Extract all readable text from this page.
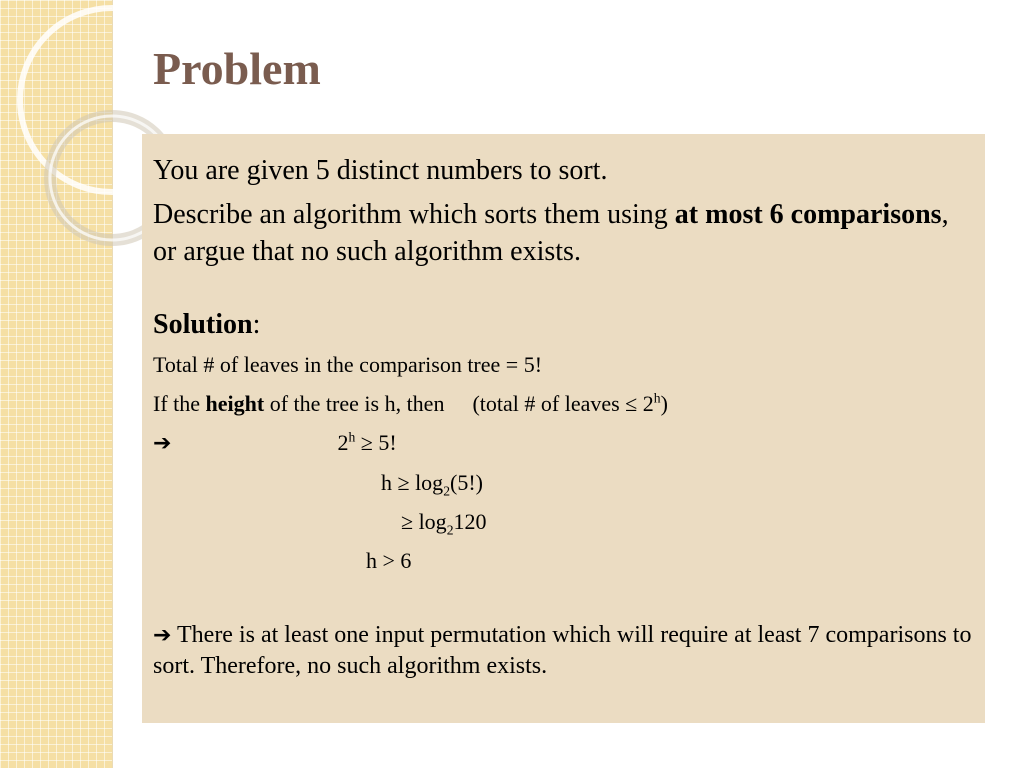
Problem
You are given 5 distinct numbers to sort.
Describe an algorithm which sorts them using at most 6 comparisons, or argue that no such algorithm exists.
Solution:
Total # of leaves in the comparison tree = 5!
If the height of the tree is h, then (total # of leaves ≤ $2^h$)
➔	$2^h \ge 5$!
$h \ge \log_2(5!)$
≥ $\log_2120$
h > 6
➔ There is at least one input permutation which will require at least 7 comparisons to sort. Therefore, no such algorithm exists.
